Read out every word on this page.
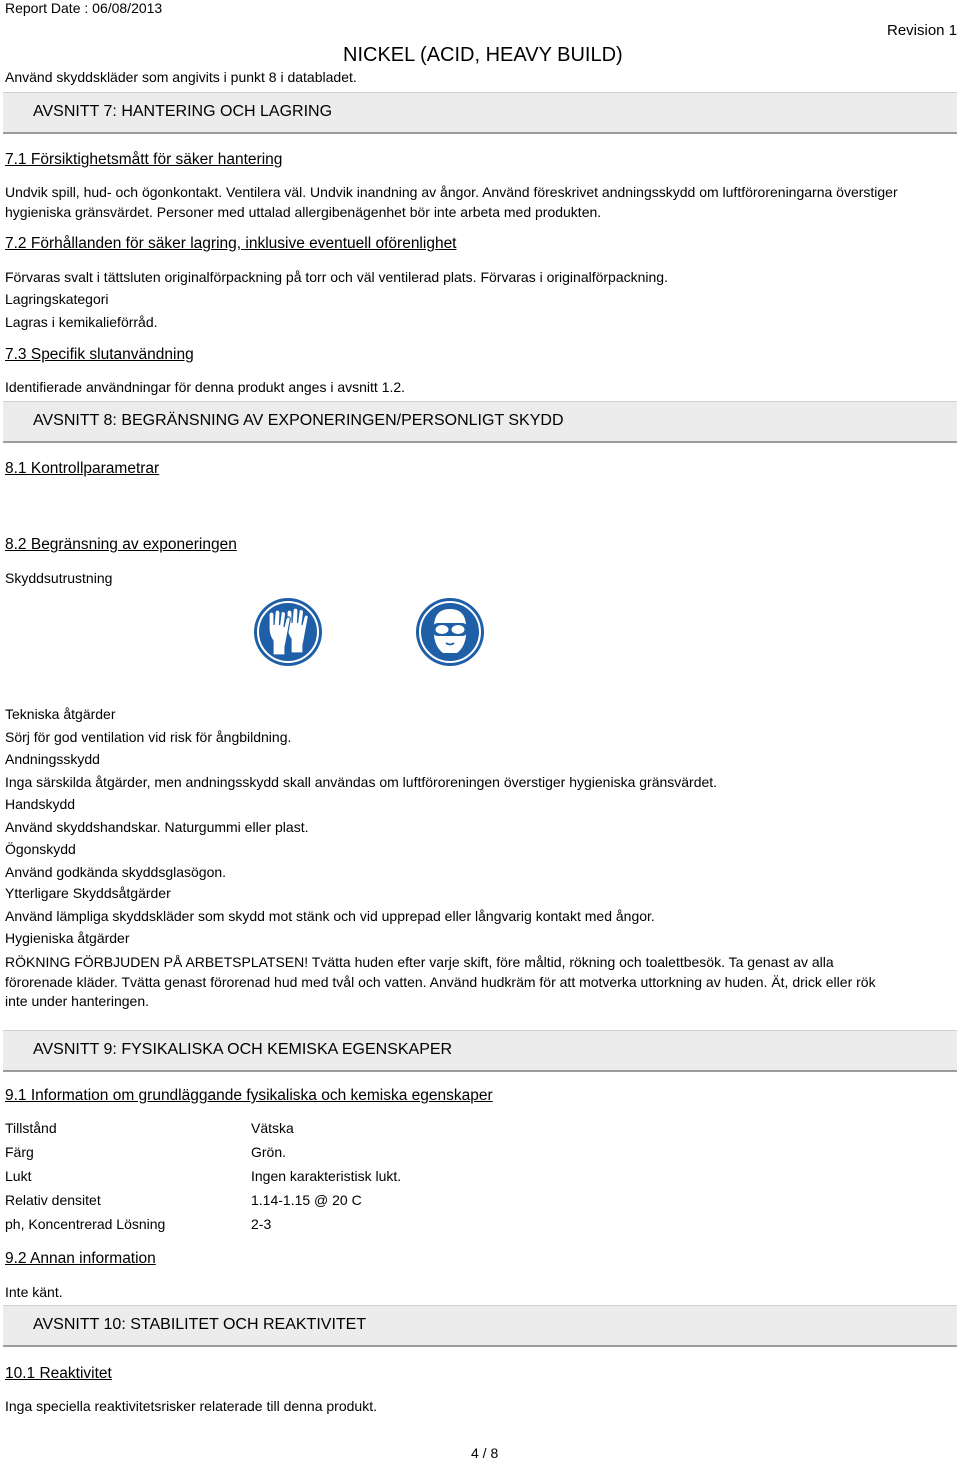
Report Date : 06/08/2013
Revision 1
NICKEL (ACID, HEAVY BUILD)
Använd skyddskläder som angivits i punkt 8 i databladet.
AVSNITT 7: HANTERING OCH LAGRING
7.1 Försiktighetsmått för säker hantering
Undvik spill, hud- och ögonkontakt. Ventilera väl. Undvik inandning av ångor. Använd föreskrivet andningsskydd om luftföroreningarna överstiger hygieniska gränsvärdet. Personer med uttalad allergibenägenhet bör inte arbeta med produkten.
7.2 Förhållanden för säker lagring, inklusive eventuell oförenlighet
Förvaras svalt i tättsluten originalförpackning på torr och väl ventilerad plats. Förvaras i originalförpackning.
Lagringskategori
Lagras i kemikalieförråd.
7.3 Specifik slutanvändning
Identifierade användningar för denna produkt anges i avsnitt 1.2.
AVSNITT 8: BEGRÄNSNING AV EXPONERINGEN/PERSONLIGT SKYDD
8.1 Kontrollparametrar
8.2 Begränsning av exponeringen
Skyddsutrustning
Tekniska åtgärder
Sörj för god ventilation vid risk för ångbildning.
Andningsskydd
Inga särskilda åtgärder, men andningsskydd skall användas om luftföroreningen överstiger hygieniska gränsvärdet.
Handskydd
Använd skyddshandskar. Naturgummi eller plast.
Ögonskydd
Använd godkända skyddsglasögon.
Ytterligare Skyddsåtgärder
Använd lämpliga skyddskläder som skydd mot stänk och vid upprepad eller långvarig kontakt med ångor.
Hygieniska åtgärder
RÖKNING FÖRBJUDEN PÅ ARBETSPLATSEN! Tvätta huden efter varje skift, före måltid, rökning och toalettbesök. Ta genast av alla förorenade kläder. Tvätta genast förorenad hud med tvål och vatten. Använd hudkräm för att motverka uttorkning av huden. Ät, drick eller rök inte under hanteringen.
AVSNITT 9: FYSIKALISKA OCH KEMISKA EGENSKAPER
9.1 Information om grundläggande fysikaliska och kemiska egenskaper
Tillstånd	Vätska
Färg	Grön.
Lukt	Ingen karakteristisk lukt.
Relativ densitet	1.14-1.15 @ 20 C
ph, Koncentrerad Lösning	2-3
9.2 Annan information
Inte känt.
AVSNITT 10: STABILITET OCH REAKTIVITET
10.1 Reaktivitet
Inga speciella reaktivitetsrisker relaterade till denna produkt.
4 / 8
